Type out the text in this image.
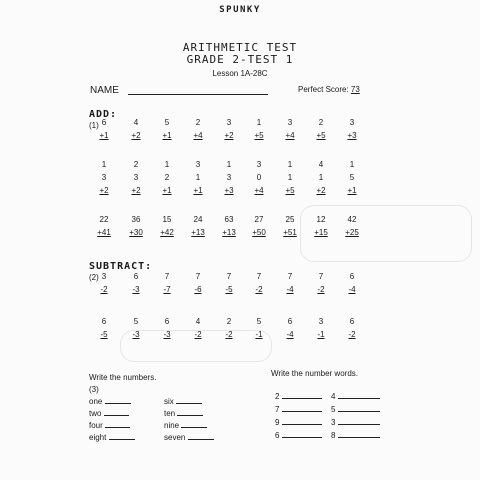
SPUNKY
ARITHMETIC TEST
GRADE 2-TEST 1
Lesson 1A-28C
NAME	Perfect Score: 73
ADD:
(1) 6
+1
4
+2
5
+1
2
+4
3
+2
1
+5
3
+4
2
+5
3
+3
1
3
+2
2
3
+2
1
2
+1
3
1
+1
1
3
+3
3
0
+4
1
1
+5
4
1
+2
1
5
+1
22
+41
36
+30
15
+42
24
+13
63
+13
27
+50
25
+51
12
+15
42
+25
SUBTRACT:
(2) 3
-2
6
-3
7
-7
7
-6
7
-5
7
-2
7
-4
7
-2
6
-4
6
-5
5
-3
6
-3
4
-2
2
-2
5
-1
6
-4
3
-1
6
-2
Write the numbers.
(3)
one
two
four
eight
six
ten
nine
seven
Write the number words.
2
7
9
6
4
5
3
8
